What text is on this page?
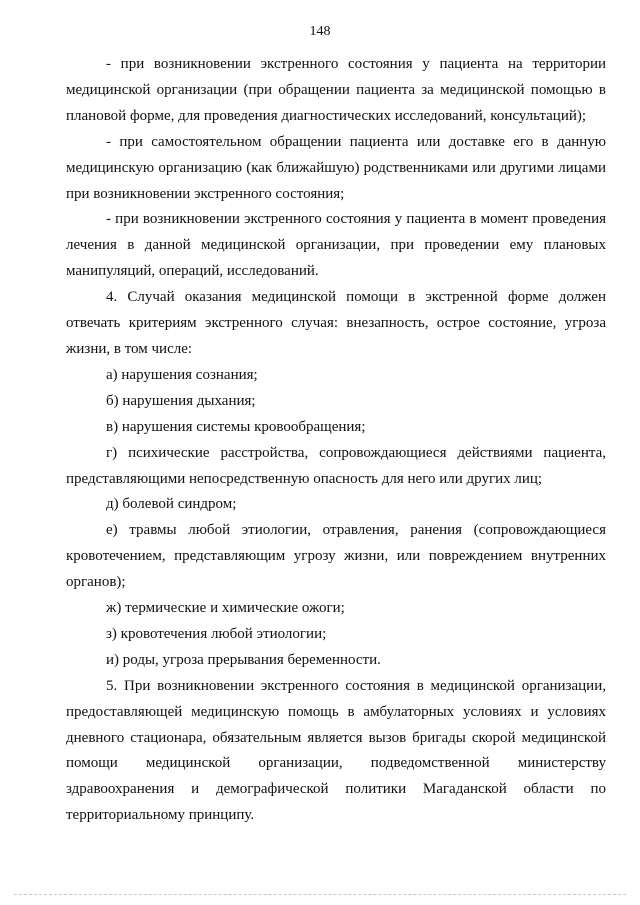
148

- при возникновении экстренного состояния у пациента на территории медицинской организации (при обращении пациента за медицинской помощью в плановой форме, для проведения диагностических исследований, консультаций);

- при самостоятельном обращении пациента или доставке его в данную медицинскую организацию (как ближайшую) родственниками или другими лицами при возникновении экстренного состояния;

- при возникновении экстренного состояния у пациента в момент проведения лечения в данной медицинской организации, при проведении ему плановых манипуляций, операций, исследований.

4. Случай оказания медицинской помощи в экстренной форме должен отвечать критериям экстренного случая: внезапность, острое состояние, угроза жизни, в том числе:

а) нарушения сознания;

б) нарушения дыхания;

в) нарушения системы кровообращения;

г) психические расстройства, сопровождающиеся действиями пациента, представляющими непосредственную опасность для него или других лиц;

д) болевой синдром;

е) травмы любой этиологии, отравления, ранения (сопровождающиеся кровотечением, представляющим угрозу жизни, или повреждением внутренних органов);

ж) термические и химические ожоги;

з) кровотечения любой этиологии;

и) роды, угроза прерывания беременности.

5. При возникновении экстренного состояния в медицинской организации, предоставляющей медицинскую помощь в амбулаторных условиях и условиях дневного стационара, обязательным является вызов бригады скорой медицинской помощи медицинской организации, подведомственной министерству здравоохранения и демографической политики Магаданской области по территориальному принципу.
